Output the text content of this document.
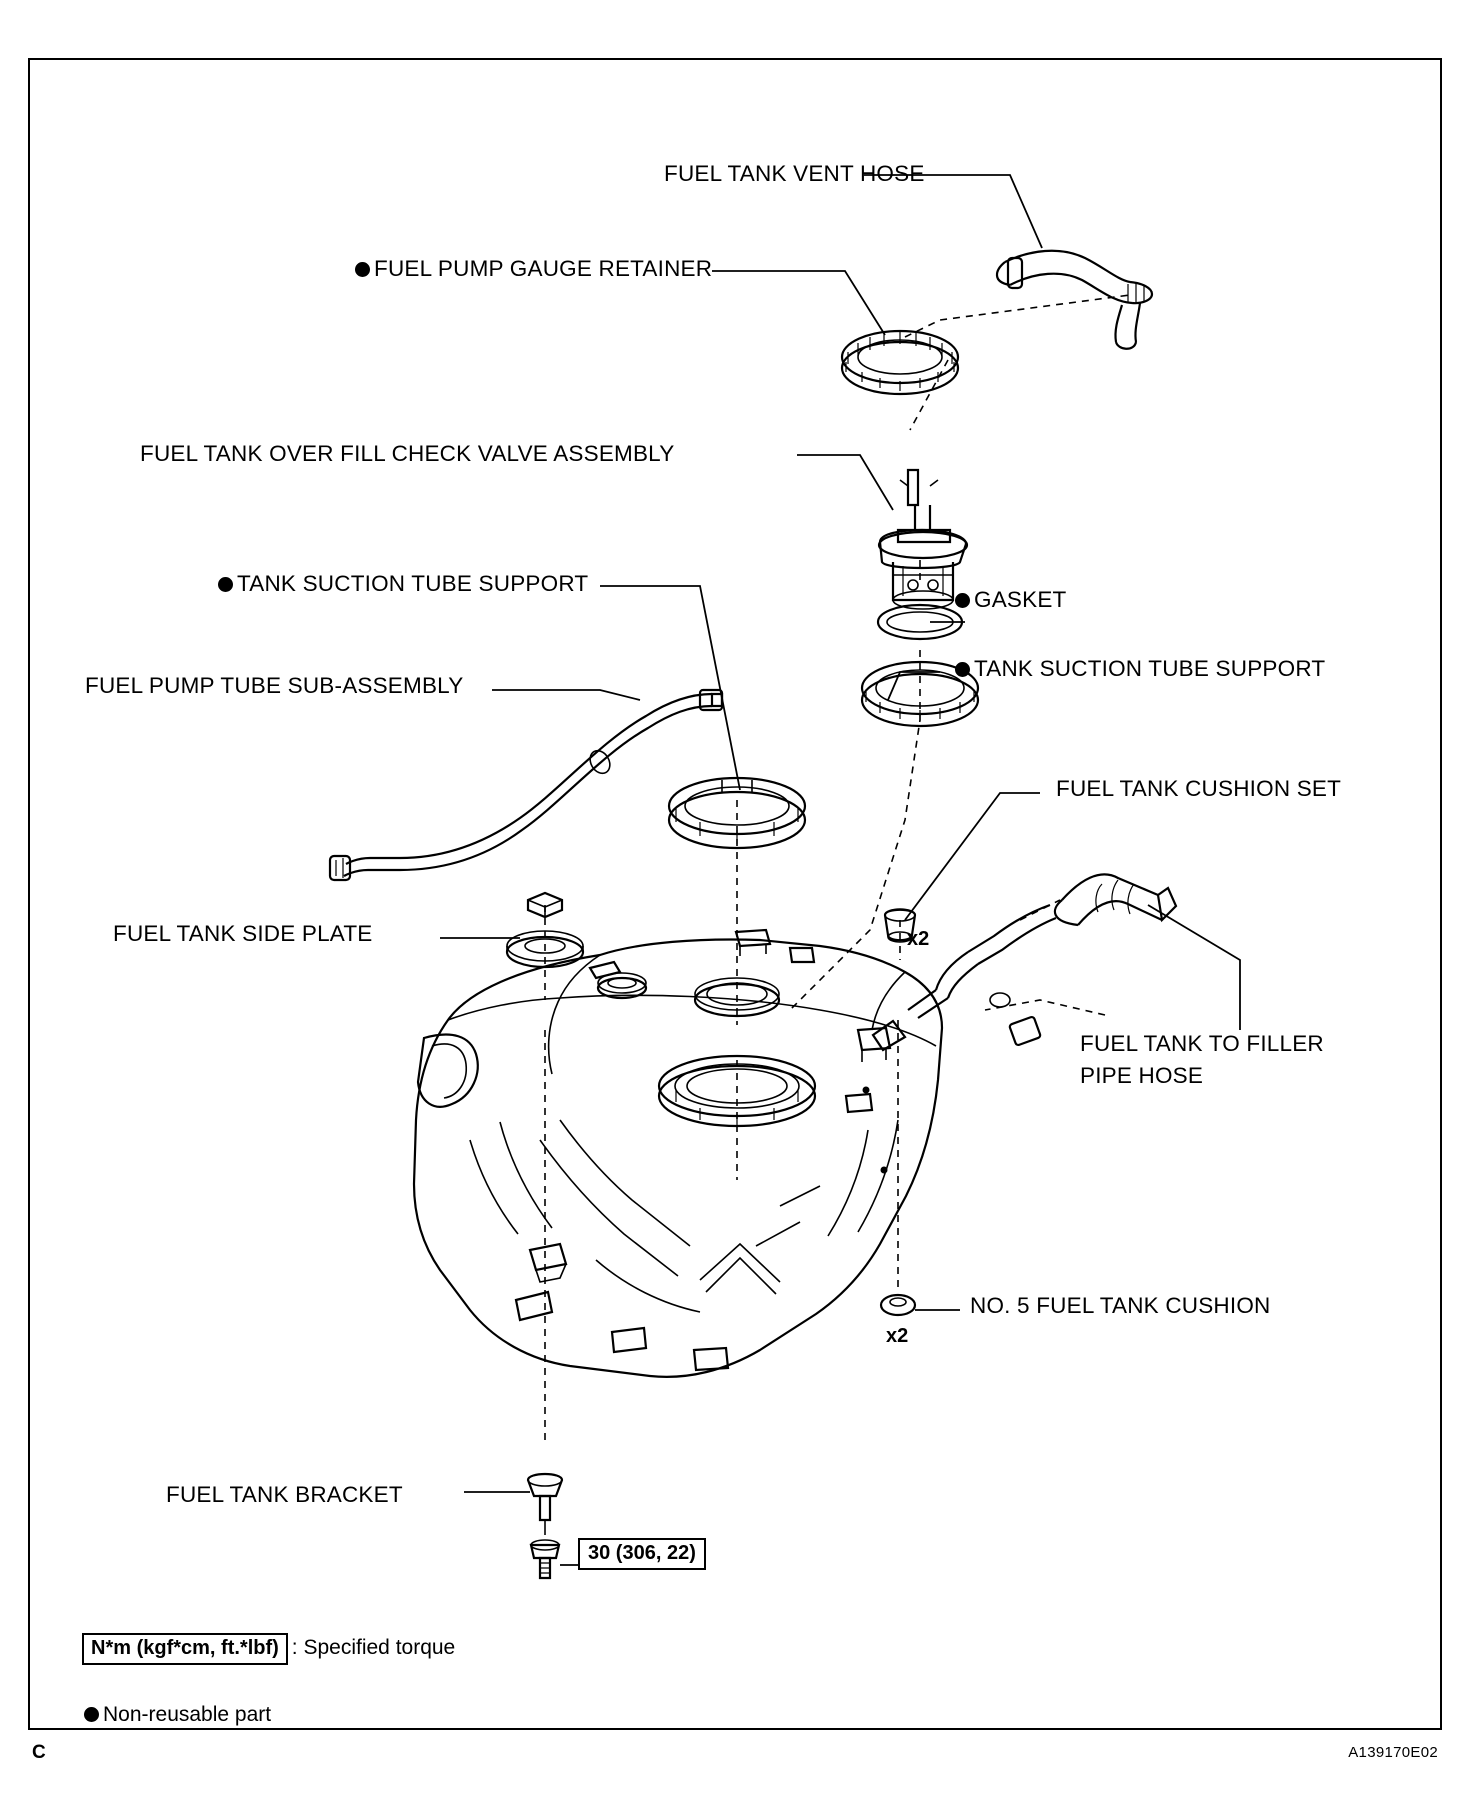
FUEL TANK VENT HOSE
FUEL PUMP GAUGE RETAINER
FUEL TANK OVER FILL CHECK VALVE ASSEMBLY
TANK SUCTION TUBE SUPPORT
GASKET
TANK SUCTION TUBE SUPPORT
FUEL PUMP TUBE SUB-ASSEMBLY
FUEL TANK CUSHION SET
FUEL TANK SIDE PLATE
FUEL TANK TO FILLER
PIPE HOSE
NO. 5 FUEL TANK CUSHION
FUEL TANK BRACKET
x2
x2
30 (306, 22)
N*m (kgf*cm, ft.*lbf) : Specified torque
Non-reusable part
C	A139170E02
